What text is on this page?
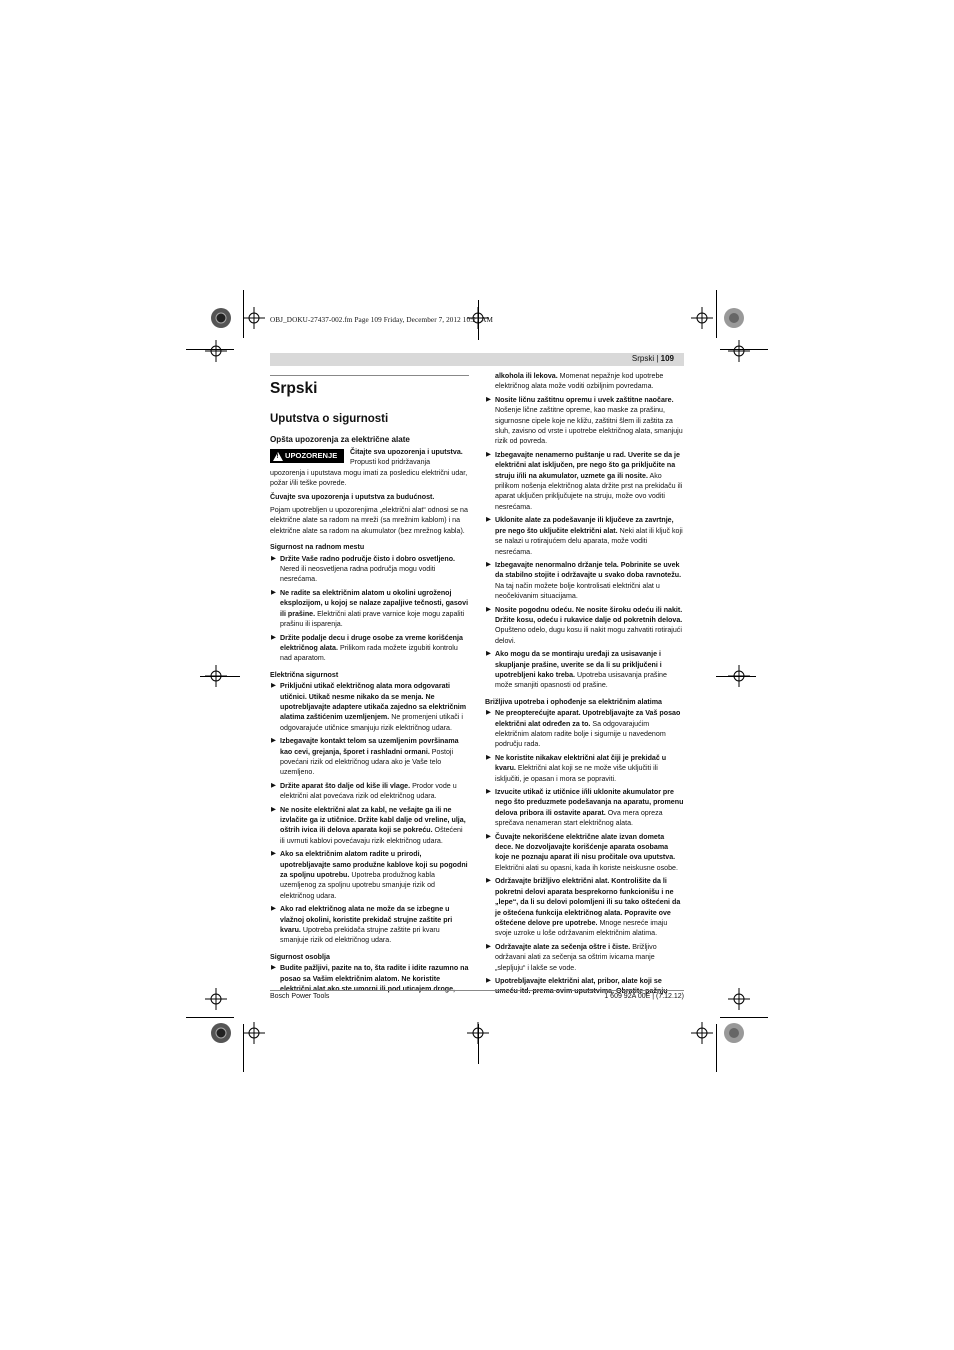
OBJ_DOKU-27437-002.fm Page 109 Friday, December 7, 2012 10:21 AM
Srpski | 109
Srpski
Uputstva o sigurnosti
Opšta upozorenja za električne alate
! UPOZORENJE Čitajte sva upozorenja i uputstva.
Propusti kod pridržavanja

upozorenja i uputstava mogu imati za posledicu električni udar, požar i/ili teške povrede.

Čuvajte sva upozorenja i uputstva za budućnost.

Pojam upotrebljen u upozorenjima „električni alat“ odnosi se na električne alate sa radom na mreži (sa mrežnim kablom) i na električne alate sa radom na akumulator (bez mrežnog kabla).

Sigurnost na radnom mestu
▶ Držite Vaše radno područje čisto i dobro osvetljeno. Nered ili neosvetljena radna područja mogu voditi nesrećama.
▶ Ne radite sa električnim alatom u okolini ugroženoj eksplozijom, u kojoj se nalaze zapaljive tečnosti, gasovi ili prašine. Električni alati prave varnice koje mogu zapaliti prašinu ili isparenja.
▶ Držite podalje decu i druge osobe za vreme korišćenja električnog alata. Prilikom rada možete izgubiti kontrolu nad aparatom.
Električna sigurnost
▶ Priključni utikač električnog alata mora odgovarati utičnici. Utikač nesme nikako da se menja. Ne upotrebljavajte adaptere utikača zajedno sa električnim alatima zaštićenim uzemljenjem. Ne promenjeni utikači i odgovarajuće utičnice smanjuju rizik električnog udara.
▶ Izbegavajte kontakt telom sa uzemljenim površinama kao cevi, grejanja, šporet i rashladni ormani. Postoji povećani rizik od električnog udara ako je Vaše telo uzemljeno.
▶ Držite aparat što dalje od kiše ili vlage. Prodor vode u električni alat povećava rizik od električnog udara.
▶ Ne nosite električni alat za kabl, ne vešajte ga ili ne izvlačite ga iz utičnice. Držite kabl dalje od vreline, ulja, oštrih ivica ili delova aparata koji se pokreću. Oštećeni ili uvrnuti kablovi povećavaju rizik električnog udara.
▶ Ako sa električnim alatom radite u prirodi, upotrebljavajte samo produžne kablove koji su pogodni za spoljnu upotrebu. Upotreba produžnog kabla uzemljenog za spoljnu upotrebu smanjuje rizik od električnog udara.
▶ Ako rad električnog alata ne može da se izbegne u vlažnoj okolini, koristite prekidač strujne zaštite pri kvaru. Upotreba prekidača strujne zaštite pri kvaru smanjuje rizik od električnog udara.
Sigurnost osoblja
▶ Budite pažljivi, pazite na to, šta radite i idite razumno na posao sa Vašim električnim alatom. Ne koristite električni alat ako ste umorni ili pod uticajem droge,

alkohola ili lekova. Momenat nepažnje kod upotrebe električnog alata može voditi ozbiljnim povredama.

▶ Nosite ličnu zaštitnu opremu i uvek zaštitne naočare. Nošenje lične zaštitne opreme, kao maske za prašinu, sigurnosne cipele koje ne kližu, zaštitni šlem ili zaštita za sluh, zavisno od vrste i upotrebe električnog alata, smanjuju rizik od povreda.
▶ Izbegavajte nenamerno puštanje u rad. Uverite se da je električni alat isključen, pre nego što ga priključite na struju i/ili na akumulator, uzmete ga ili nosite. Ako prilikom nošenja električnog alata držite prst na prekidaču ili aparat uključen priključujete na struju, može ovo voditi nesrećama.
▶ Uklonite alate za podešavanje ili ključeve za zavrtnje, pre nego što uključite električni alat. Neki alat ili ključ koji se nalazi u rotirajućem delu aparata, može voditi nesrećama.
▶ Izbegavajte nenormalno držanje tela. Pobrinite se uvek da stabilno stojite i održavajte u svako doba ravnotežu. Na taj način možete bolje kontrolisati električni alat u neočekivanim situacijama.
▶ Nosite pogodnu odeću. Ne nosite široku odeću ili nakit. Držite kosu, odeću i rukavice dalje od pokretnih delova. Opušteno odelo, dugu kosu ili nakit mogu zahvatiti rotirajući delovi.
▶ Ako mogu da se montiraju uređaji za usisavanje i skupljanje prašine, uverite se da li su priključeni i upotrebljeni kako treba. Upotreba usisavanja prašine može smanjiti opasnosti od prašine.
Brižljiva upotreba i ophođenje sa električnim alatima
▶ Ne preopterećujte aparat. Upotrebljavajte za Vaš posao električni alat određen za to. Sa odgovarajućim električnim alatom radite bolje i sigurnije u navedenom području rada.
▶ Ne koristite nikakav električni alat čiji je prekidač u kvaru. Električni alat koji se ne može više uključiti ili isključiti, je opasan i mora se popraviti.
▶ Izvucite utikač iz utičnice i/ili uklonite akumulator pre nego što preduzmete podešavanja na aparatu, promenu delova pribora ili ostavite aparat. Ova mera opreza sprečava nenameran start električnog alata.
▶ Čuvajte nekorišćene električne alate izvan dometa dece. Ne dozvoljavajte korišćenje aparata osobama koje ne poznaju aparat ili nisu pročitale ova uputstva. Električni alati su opasni, kada ih koriste neiskusne osobe.
▶ Održavajte brižljivo električni alat. Kontrolišite da li pokretni delovi aparata besprekorno funkcionišu i ne „lepe“, da li su delovi polomljeni ili su tako oštećeni da je oštećena funkcija električnog alata. Popravite ove oštećene delove pre upotrebe. Mnoge nesreće imaju svoje uzroke u loše održavanim električnim alatima.
▶ Održavajte alate za sečenja oštre i čiste. Brižljivo održavani alati za sečenja sa oštrim ivicama manje „slepljuju“ i lakše se vode.
▶ Upotrebljavajte električni alat, pribor, alate koji se umeću itd. prema ovim uputstvima. Obratite pažnju
Bosch Power Tools	1 609 92A 00E | (7.12.12)
